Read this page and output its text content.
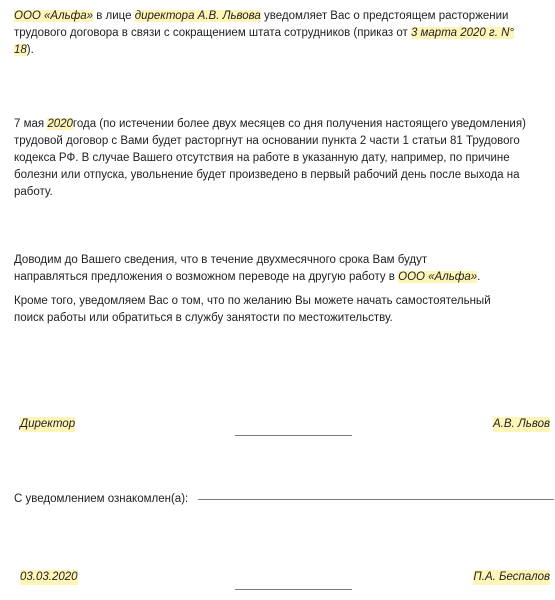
ООО «Альфа» в лице директора А.В. Львова уведомляет Вас о предстоящем расторжении трудового договора в связи с сокращением штата сотрудников (приказ от 3 марта 2020 г. N° 18).

7 мая 2020года (по истечении более двух месяцев со дня получения настоящего уведомления) трудовой договор с Вами будет расторгнут на основании пункта 2 части 1 статьи 81 Трудового кодекса РФ. В случае Вашего отсутствия на работе в указанную дату, например, по причине болезни или отпуска, увольнение будет произведено в первый рабочий день после выхода на работу.

Доводим до Вашего сведения, что в течение двухмесячного срока Вам будут направляться предложения о возможном переводе на другую работу в ООО «Альфа».

Кроме того, уведомляем Вас о том, что по желанию Вы можете начать самостоятельный поиск работы или обратиться в службу занятости по местожительству.

Директор	А.В. Львов
С уведомлением ознакомлен(а):
03.03.2020	П.А. Беспалов
